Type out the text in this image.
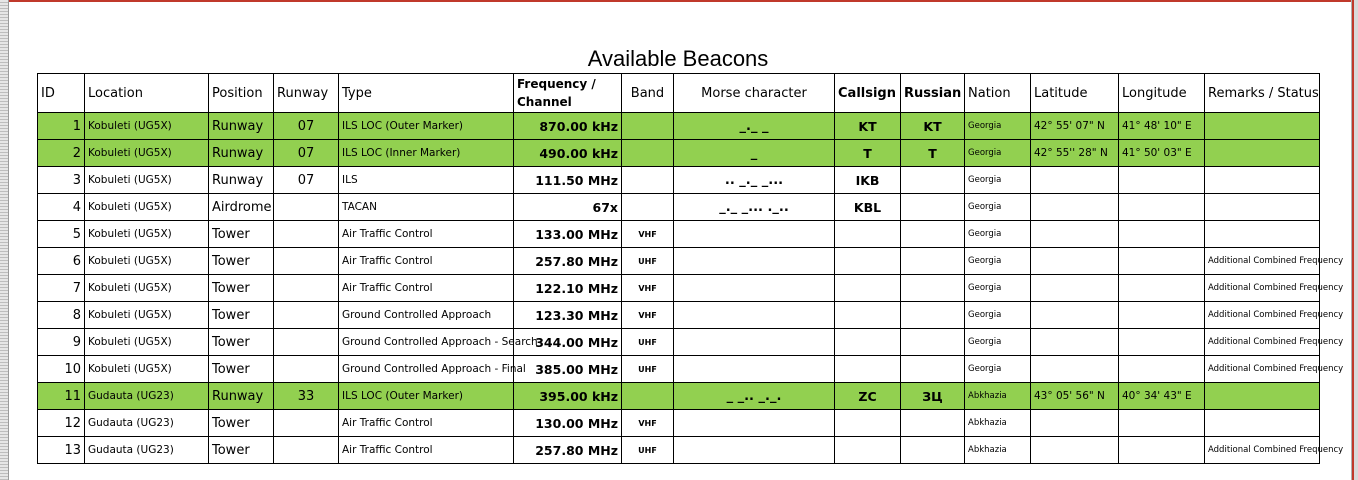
Available Beacons
ID	Location	Position	Runway	Type	Frequency / Channel	Band	Morse character	Callsign	Russian	Nation	Latitude	Longitude	Remarks / Status
1	Kobuleti (UG5X)	Runway	07	ILS LOC (Outer Marker)	870.00 kHz		_._ _	KT	KT	Georgia	42° 55' 07" N	41° 48' 10" E	
2	Kobuleti (UG5X)	Runway	07	ILS LOC (Inner Marker)	490.00 kHz		_	T	T	Georgia	42° 55'' 28" N	41° 50' 03" E	
3	Kobuleti (UG5X)	Runway	07	ILS	111.50 MHz		.. _._ _...	IKB		Georgia			
4	Kobuleti (UG5X)	Airdrome		TACAN	67x		_._ _... ._..	KBL		Georgia			
5	Kobuleti (UG5X)	Tower		Air Traffic Control	133.00 MHz	VHF				Georgia			
6	Kobuleti (UG5X)	Tower		Air Traffic Control	257.80 MHz	UHF				Georgia			Additional Combined Frequency
7	Kobuleti (UG5X)	Tower		Air Traffic Control	122.10 MHz	VHF				Georgia			Additional Combined Frequency
8	Kobuleti (UG5X)	Tower		Ground Controlled Approach	123.30 MHz	VHF				Georgia			Additional Combined Frequency
9	Kobuleti (UG5X)	Tower		Ground Controlled Approach - Search	344.00 MHz	UHF				Georgia			Additional Combined Frequency
10	Kobuleti (UG5X)	Tower		Ground Controlled Approach - Final	385.00 MHz	UHF				Georgia			Additional Combined Frequency
11	Gudauta (UG23)	Runway	33	ILS LOC (Outer Marker)	395.00 kHz		_ _.. _._.	ZC	ЗЦ	Abkhazia	43° 05' 56" N	40° 34' 43" E	
12	Gudauta (UG23)	Tower		Air Traffic Control	130.00 MHz	VHF				Abkhazia			
13	Gudauta (UG23)	Tower		Air Traffic Control	257.80 MHz	UHF				Abkhazia			Additional Combined Frequency
